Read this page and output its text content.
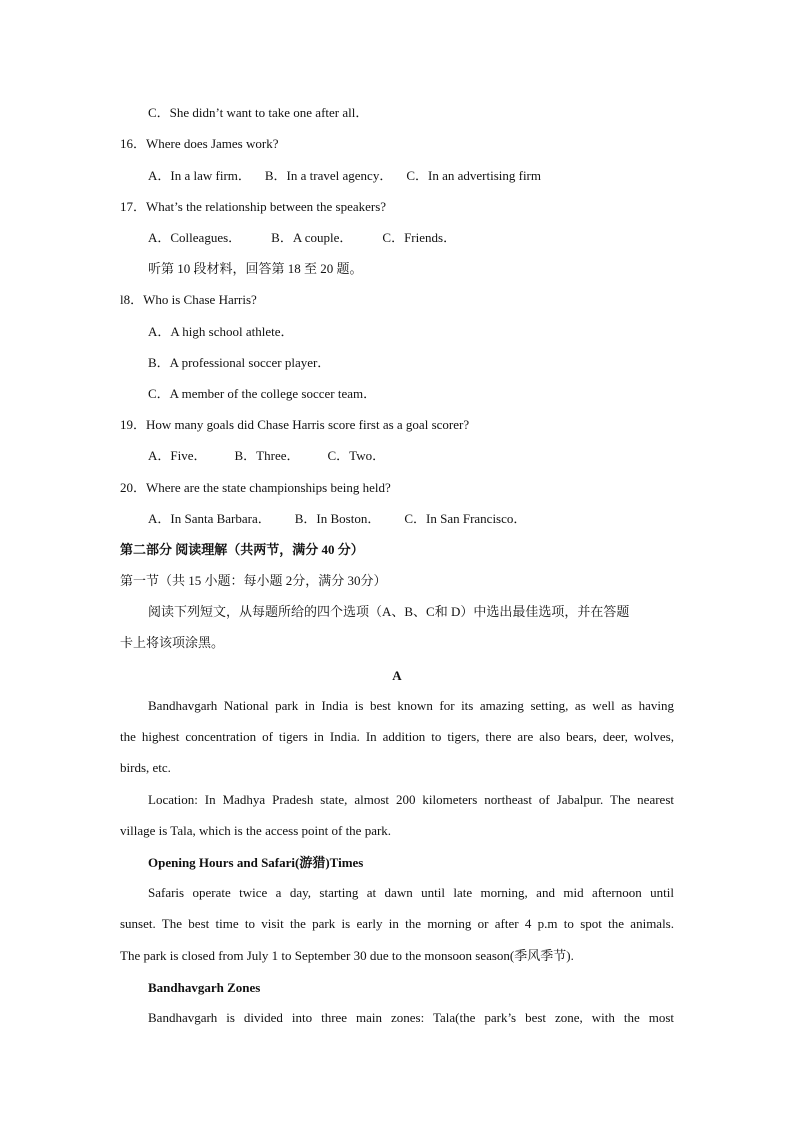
C．She didn’t want to take one after all．
16．Where does James work?
A．In a law firm． B．In a travel agency． C．In an advertising firm
17．What’s the relationship between the speakers?
A．Colleagues． B．A couple． C．Friends．
听第 10 段材料，回答第 18 至 20 题。
l8．Who is Chase Harris?
A．A high school athlete．
B．A professional soccer player．
C．A member of the college soccer team．
19．How many goals did Chase Harris score first as a goal scorer?
A．Five． B．Three． C．Two．
20．Where are the state championships being held?
A．In Santa Barbara． B．In Boston． C．In San Francisco．
第二部分 阅读理解（共两节，满分 40 分）
第一节（共 15 小题：每小题 2分，满分 30分）
阅读下列短文，从每题所给的四个选项（A、B、C和 D）中选出最佳选项，并在答题
卡上将该项涂黑。
A
Bandhavgarh National park in India is best known for its amazing setting, as well as having
the highest concentration of tigers in India. In addition to tigers, there are also bears, deer, wolves,
birds, etc.
Location: In Madhya Pradesh state, almost 200 kilometers northeast of Jabalpur. The nearest
village is Tala, which is the access point of the park.
Opening Hours and Safari(游猎)Times
Safaris operate twice a day, starting at dawn until late morning, and mid afternoon until
sunset. The best time to visit the park is early in the morning or after 4 p.m to spot the animals.
The park is closed from July 1 to September 30 due to the monsoon season(季风季节).
Bandhavgarh Zones
Bandhavgarh is divided into three main zones: Tala(the park’s best zone, with the most
